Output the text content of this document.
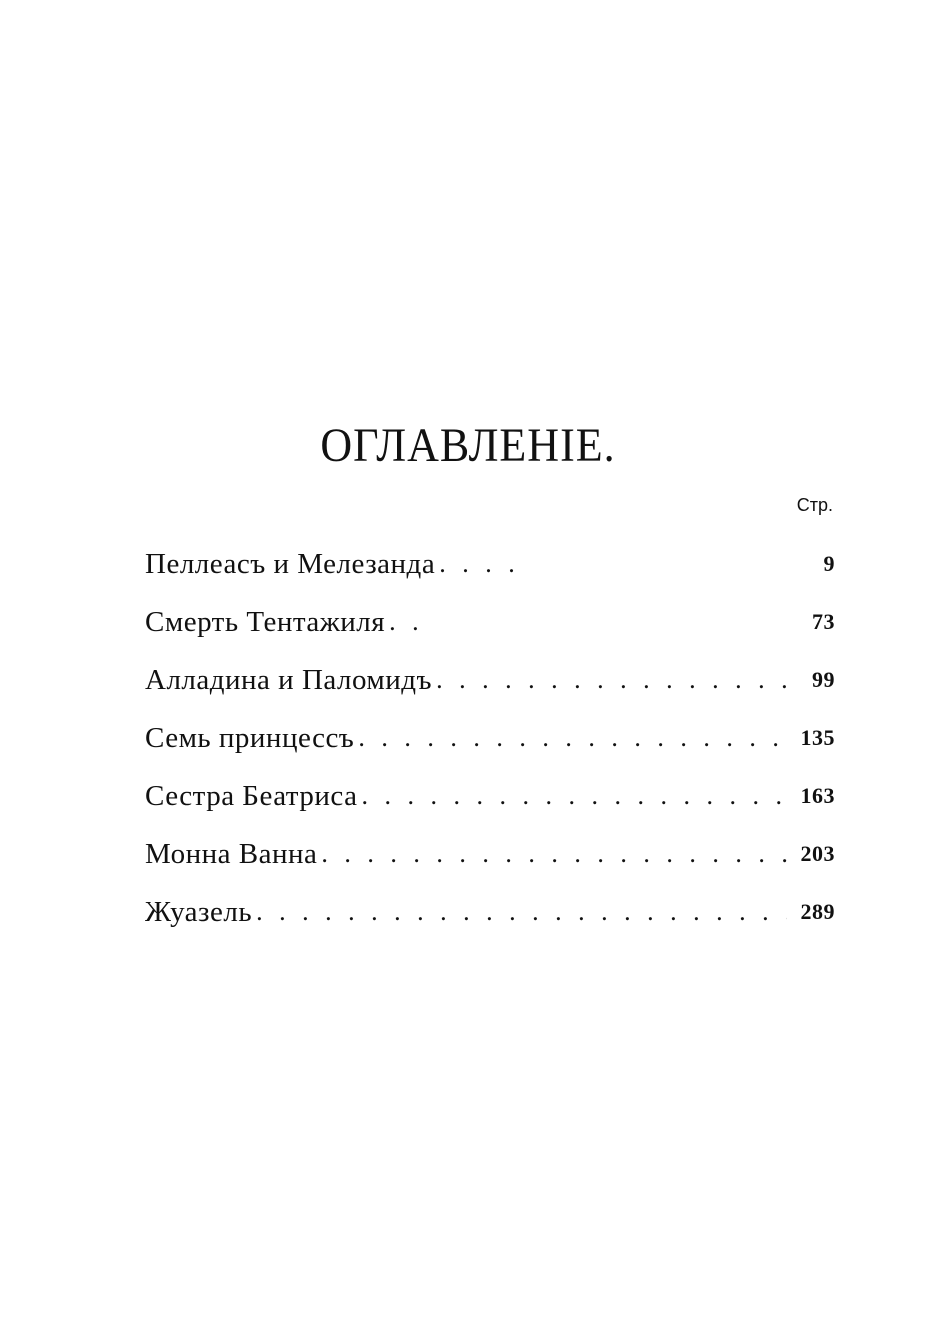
ОГЛАВЛЕНІЕ.
Стр.
Пеллеасъ и Мелезанда . . .	9
Смерть Тентажиля . . .	73
Алладина и Паломидъ . . .	99
Семь принцессъ . . .	135
Сестра Беатриса . . .	163
Монна Ванна . . .	203
Жуазель . . .	289
